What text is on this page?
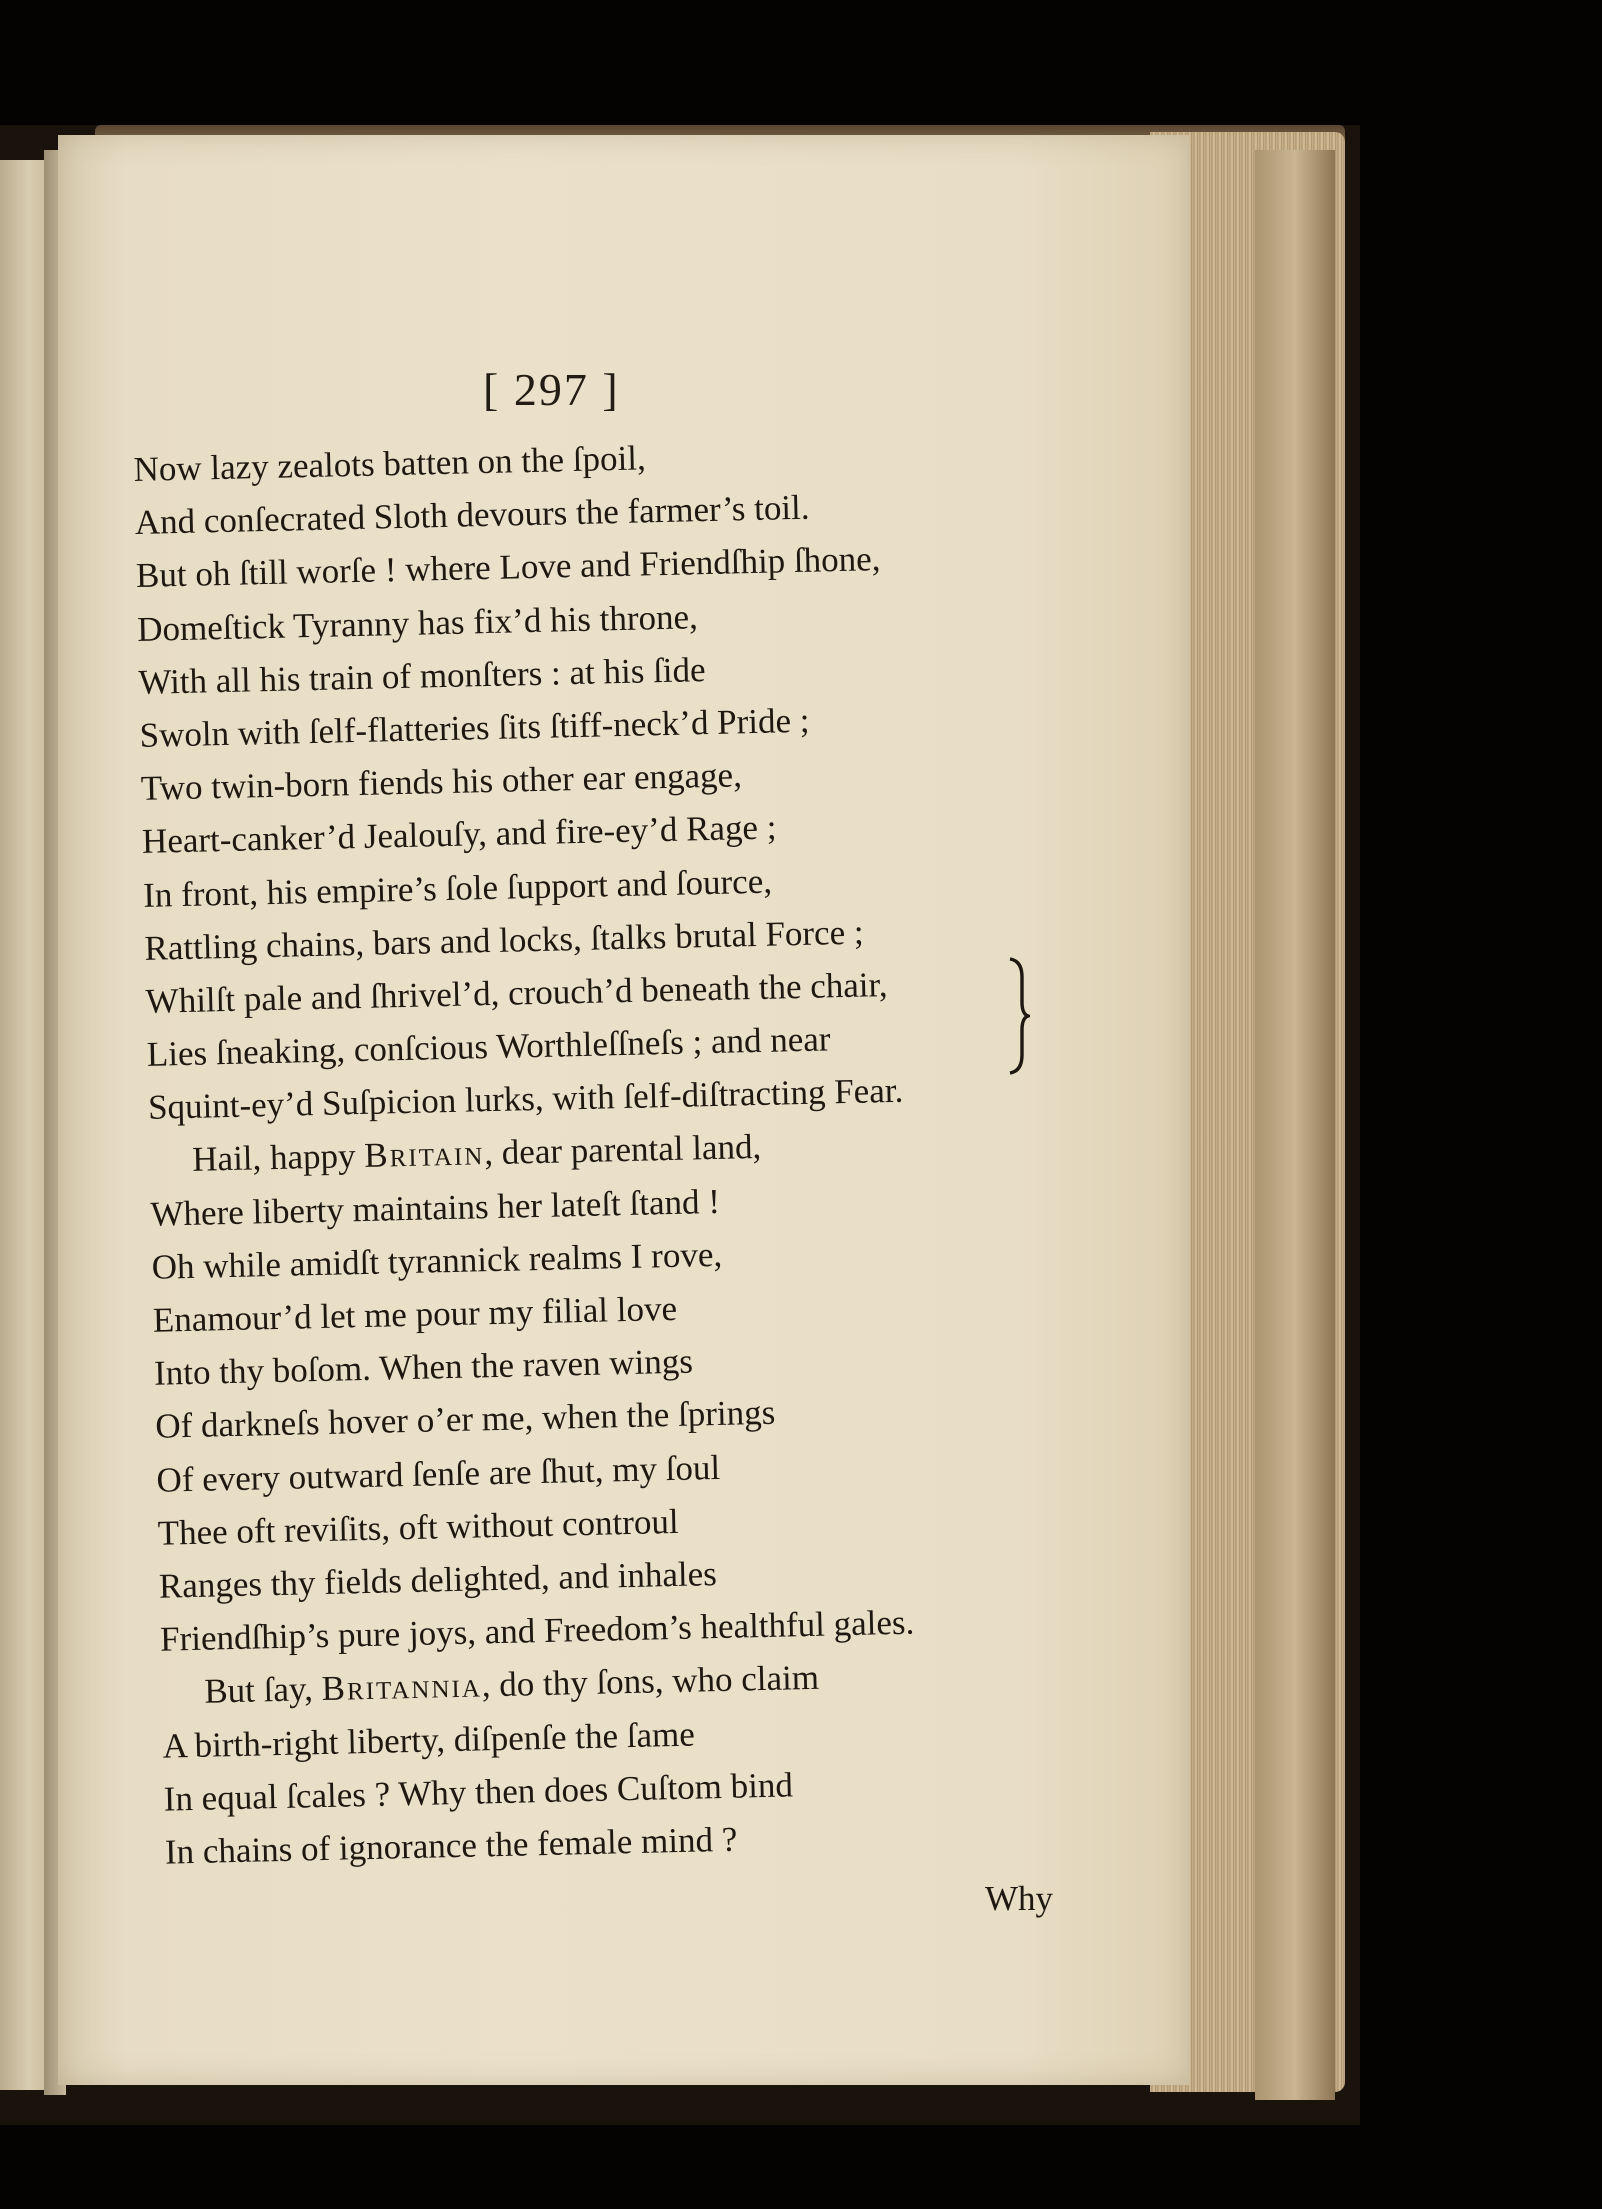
[ 297 ]
Now lazy zealots batten on the ſpoil,
And conſecrated Sloth devours the farmer’s toil.
But oh ſtill worſe ! where Love and Friendſhip ſhone,
Domeſtick Tyranny has fix’d his throne,
With all his train of monſters : at his ſide
Swoln with ſelf-flatteries ſits ſtiff-neck’d Pride ;
Two twin-born fiends his other ear engage,
Heart-canker’d Jealouſy, and fire-ey’d Rage ;
In front, his empire’s ſole ſupport and ſource,
Rattling chains, bars and locks, ſtalks brutal Force ;
Whilſt pale and ſhrivel’d, crouch’d beneath the chair,
Lies ſneaking, conſcious Worthleſſneſs ; and near
Squint-ey’d Suſpicion lurks, with ſelf-diſtracting Fear.
Hail, happy Britain, dear parental land,
Where liberty maintains her lateſt ſtand !
Oh while amidſt tyrannick realms I rove,
Enamour’d let me pour my filial love
Into thy boſom. When the raven wings
Of darkneſs hover o’er me, when the ſprings
Of every outward ſenſe are ſhut, my ſoul
Thee oft reviſits, oft without controul
Ranges thy fields delighted, and inhales
Friendſhip’s pure joys, and Freedom’s healthful gales.
But ſay, Britannia, do thy ſons, who claim
A birth-right liberty, diſpenſe the ſame
In equal ſcales ? Why then does Cuſtom bind
In chains of ignorance the female mind ?
Why
